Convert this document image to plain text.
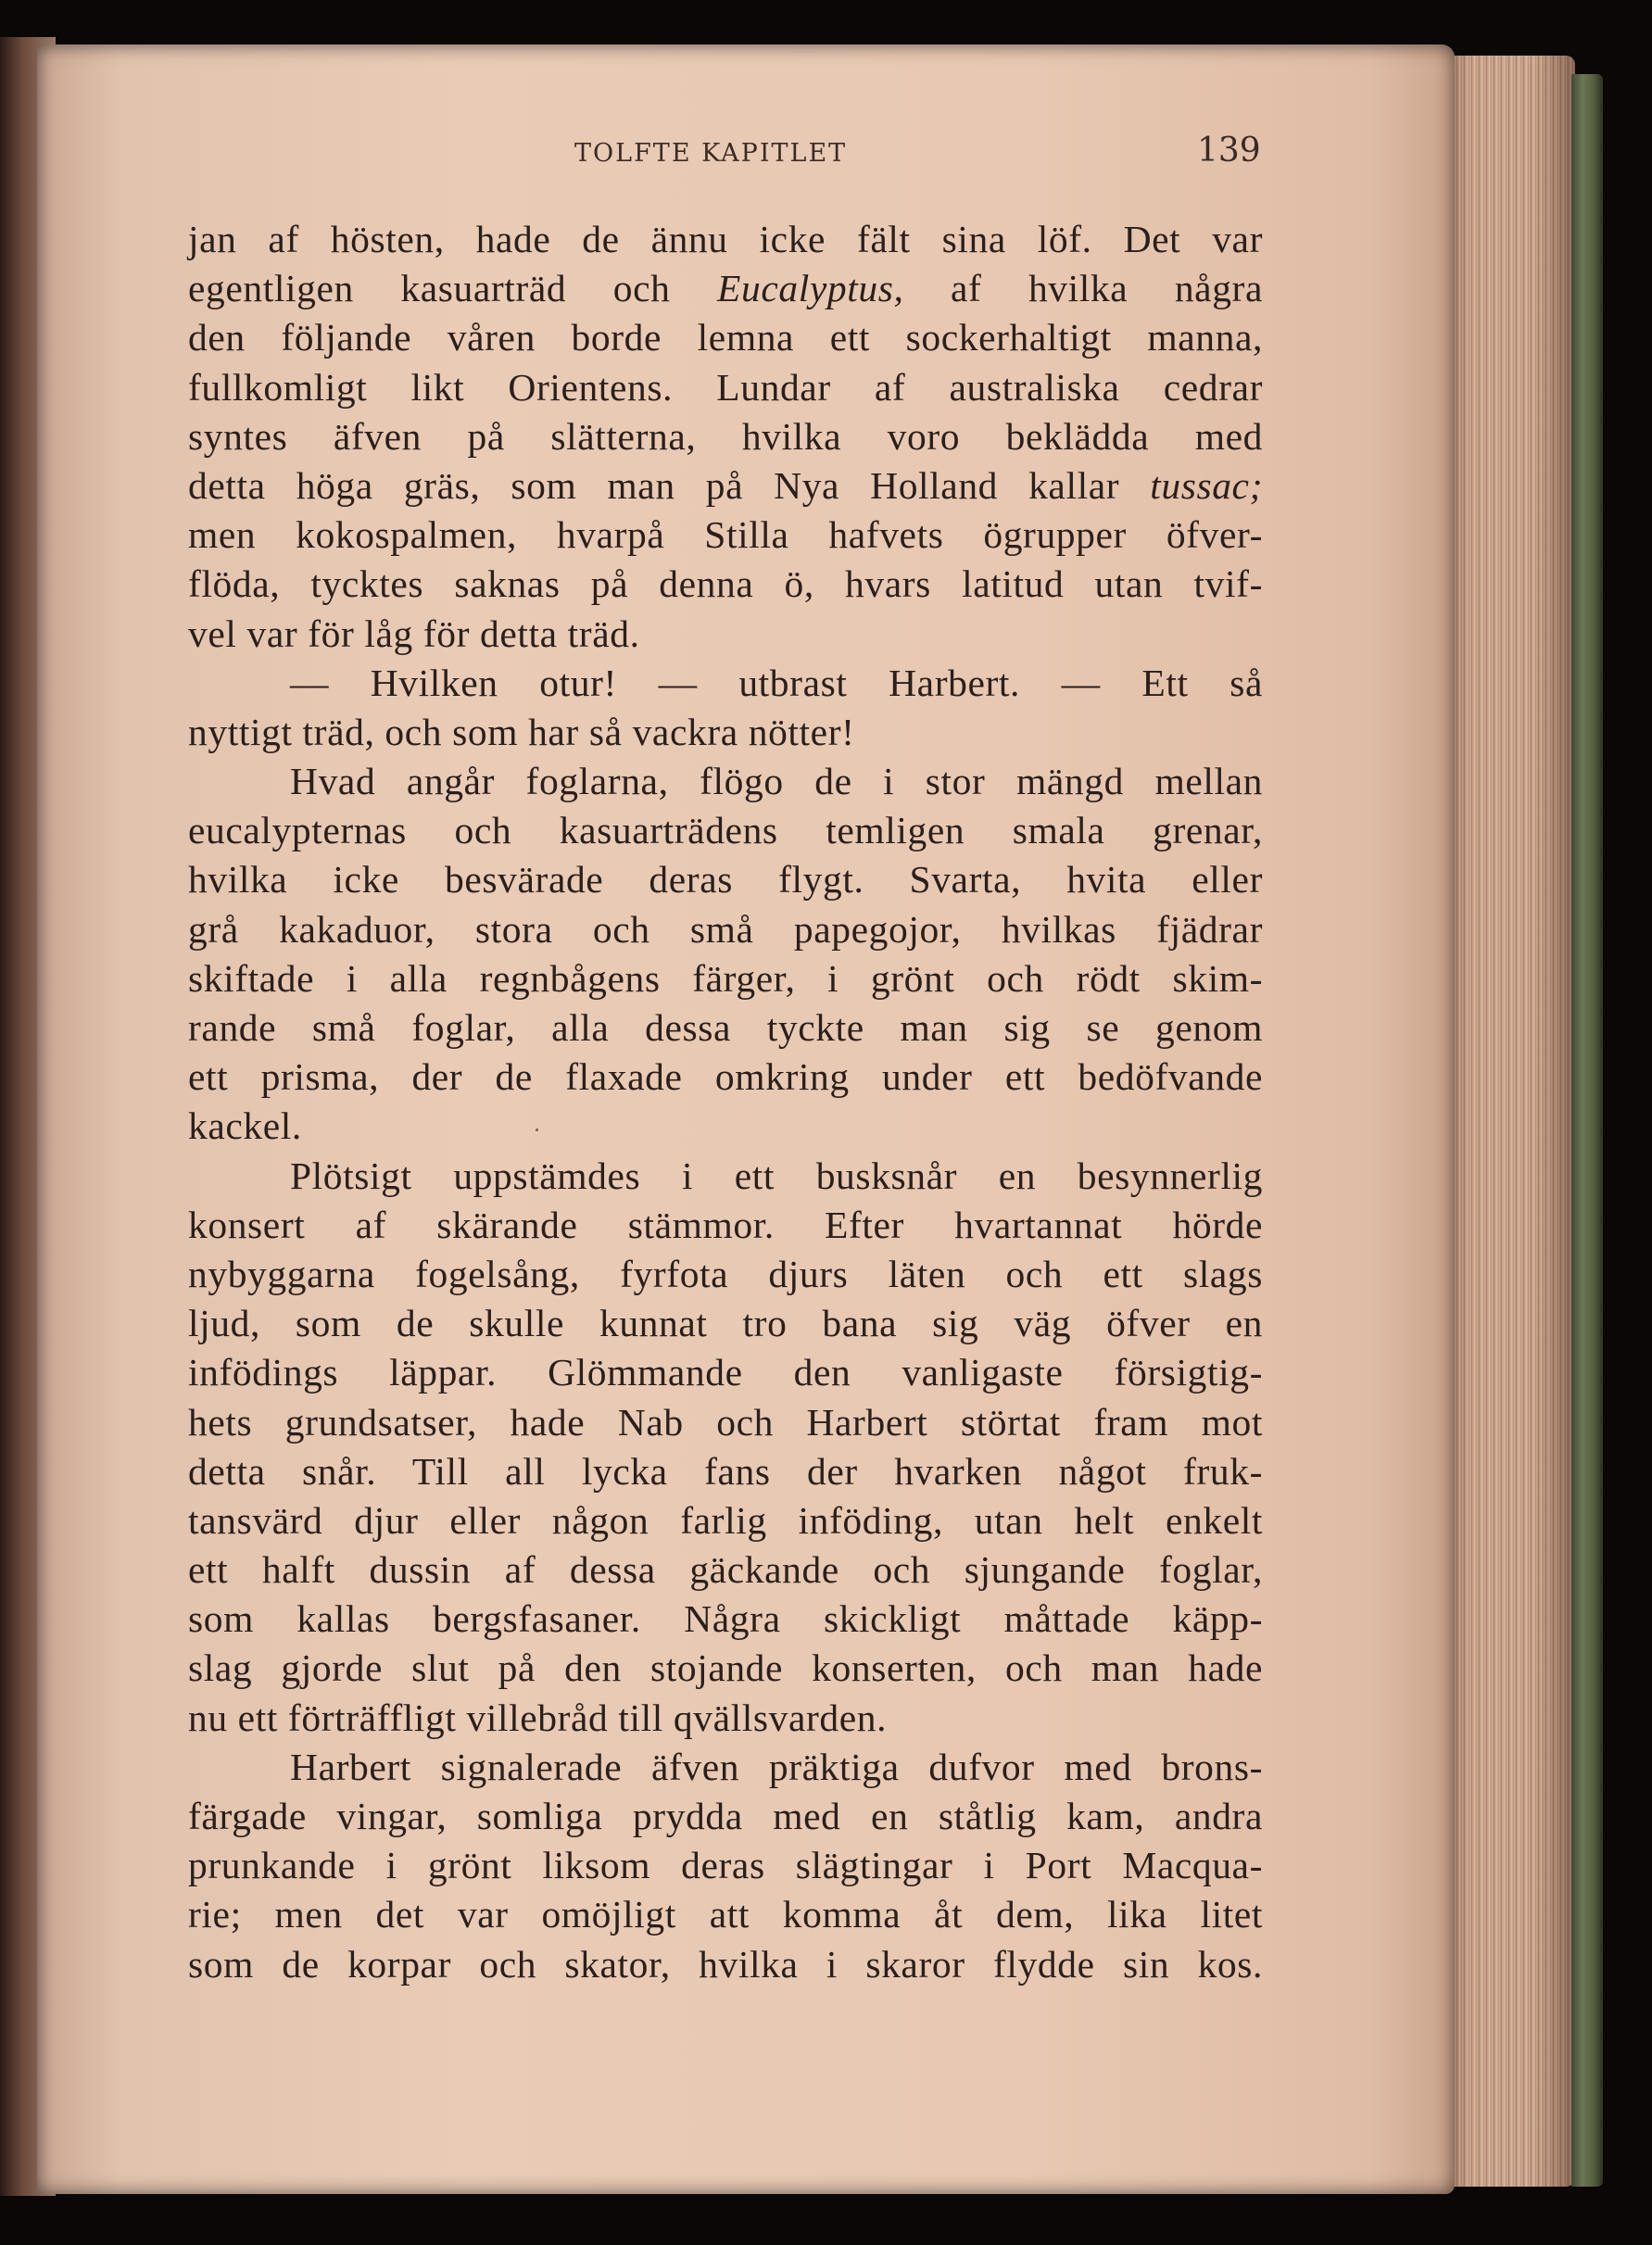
TOLFTE KAPITLET	139
jan af hösten, hade de ännu icke fält sina löf. Det var
egentligen kasuarträd och Eucalyptus, af hvilka några
den följande våren borde lemna ett sockerhaltigt manna,
fullkomligt likt Orientens. Lundar af australiska cedrar
syntes äfven på slätterna, hvilka voro beklädda med
detta höga gräs, som man på Nya Holland kallar tussac;
men kokospalmen, hvarpå Stilla hafvets ögrupper öfver-
flöda, tycktes saknas på denna ö, hvars latitud utan tvif-
vel var för låg för detta träd.
— Hvilken otur! — utbrast Harbert. — Ett så
nyttigt träd, och som har så vackra nötter!
Hvad angår foglarna, flögo de i stor mängd mellan
eucalypternas och kasuarträdens temligen smala grenar,
hvilka icke besvärade deras flygt. Svarta, hvita eller
grå kakaduor, stora och små papegojor, hvilkas fjädrar
skiftade i alla regnbågens färger, i grönt och rödt skim-
rande små foglar, alla dessa tyckte man sig se genom
ett prisma, der de flaxade omkring under ett bedöfvande
kackel.
Plötsigt uppstämdes i ett busksnår en besynnerlig
konsert af skärande stämmor. Efter hvartannat hörde
nybyggarna fogelsång, fyrfota djurs läten och ett slags
ljud, som de skulle kunnat tro bana sig väg öfver en
infödings läppar. Glömmande den vanligaste försigtig-
hets grundsatser, hade Nab och Harbert störtat fram mot
detta snår. Till all lycka fans der hvarken något fruk-
tansvärd djur eller någon farlig inföding, utan helt enkelt
ett halft dussin af dessa gäckande och sjungande foglar,
som kallas bergsfasaner. Några skickligt måttade käpp-
slag gjorde slut på den stojande konserten, och man hade
nu ett förträffligt villebråd till qvällsvarden.
Harbert signalerade äfven präktiga dufvor med brons-
färgade vingar, somliga prydda med en ståtlig kam, andra
prunkande i grönt liksom deras slägtingar i Port Macqua-
rie; men det var omöjligt att komma åt dem, lika litet
som de korpar och skator, hvilka i skaror flydde sin kos.
